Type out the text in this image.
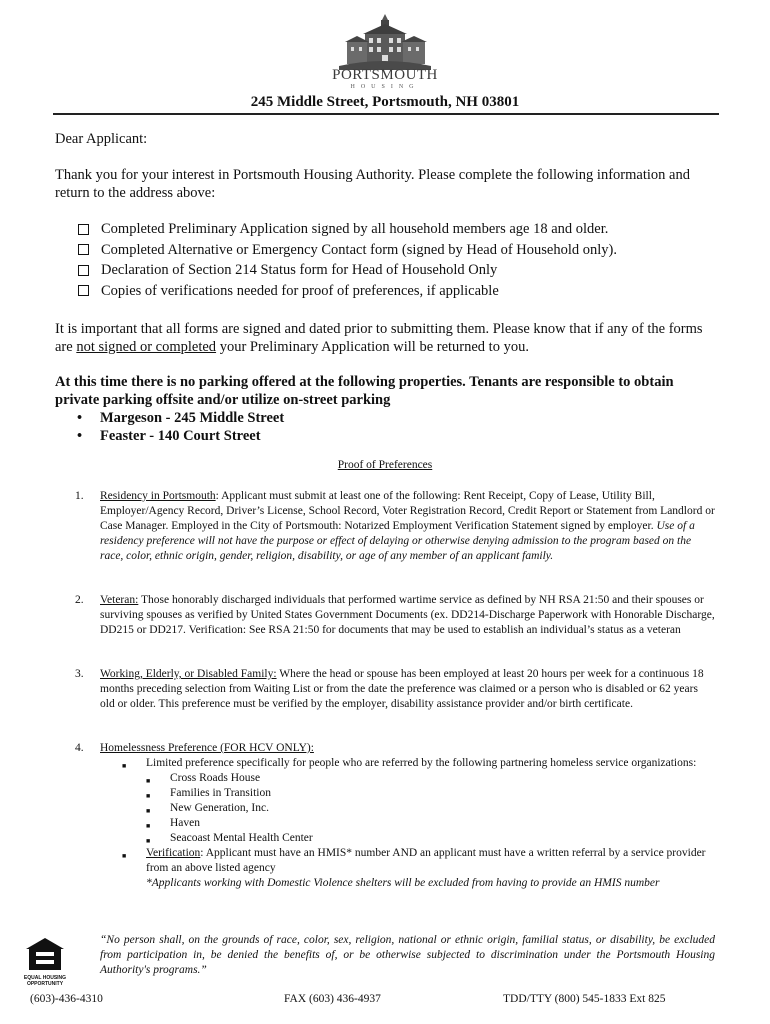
PORTSMOUTH
HOUSING
245 Middle Street, Portsmouth, NH 03801

Dear Applicant:

Thank you for your interest in Portsmouth Housing Authority. Please complete the following information and return to the address above:

Completed Preliminary Application signed by all household members age 18 and older.
Completed Alternative or Emergency Contact form (signed by Head of Household only).
Declaration of Section 214 Status form for Head of Household Only
Copies of verifications needed for proof of preferences, if applicable

It is important that all forms are signed and dated prior to submitting them. Please know that if any of the forms are not signed or completed your Preliminary Application will be returned to you.

At this time there is no parking offered at the following properties. Tenants are responsible to obtain private parking offsite and/or utilize on-street parking
• Margeson - 245 Middle Street
• Feaster - 140 Court Street
Proof of Preferences
1. Residency in Portsmouth: Applicant must submit at least one of the following: Rent Receipt, Copy of Lease, Utility Bill, Employer/Agency Record, Driver’s License, School Record, Voter Registration Record, Credit Report or Statement from Landlord or Case Manager. Employed in the City of Portsmouth: Notarized Employment Verification Statement signed by employer. Use of a residency preference will not have the purpose or effect of delaying or otherwise denying admission to the program based on the race, color, ethnic origin, gender, religion, disability, or age of any member of an applicant family.
2. Veteran: Those honorably discharged individuals that performed wartime service as defined by NH RSA 21:50 and their spouses or surviving spouses as verified by United States Government Documents (ex. DD214-Discharge Paperwork with Honorable Discharge, DD215 or DD217. Verification: See RSA 21:50 for documents that may be used to establish an individual’s status as a veteran
3. Working, Elderly, or Disabled Family: Where the head or spouse has been employed at least 20 hours per week for a continuous 18 months preceding selection from Waiting List or from the date the preference was claimed or a person who is disabled or 62 years old or older. This preference must be verified by the employer, disability assistance provider and/or birth certificate.
4. Homelessness Preference (FOR HCV ONLY):
■ Limited preference specifically for people who are referred by the following partnering homeless service organizations:
■ Cross Roads House
■ Families in Transition
■ New Generation, Inc.
■ Haven
■ Seacoast Mental Health Center
■ Verification: Applicant must have an HMIS* number AND an applicant must have a written referral by a service provider from an above listed agency
*Applicants working with Domestic Violence shelters will be excluded from having to provide an HMIS number
EQUAL HOUSING OPPORTUNITY
“No person shall, on the grounds of race, color, sex, religion, national or ethnic origin, familial status, or disability, be excluded from participation in, be denied the benefits of, or be otherwise subjected to discrimination under the Portsmouth Housing Authority's programs.”
(603)-436-4310	FAX (603) 436-4937	TDD/TTY (800) 545-1833 Ext 825
